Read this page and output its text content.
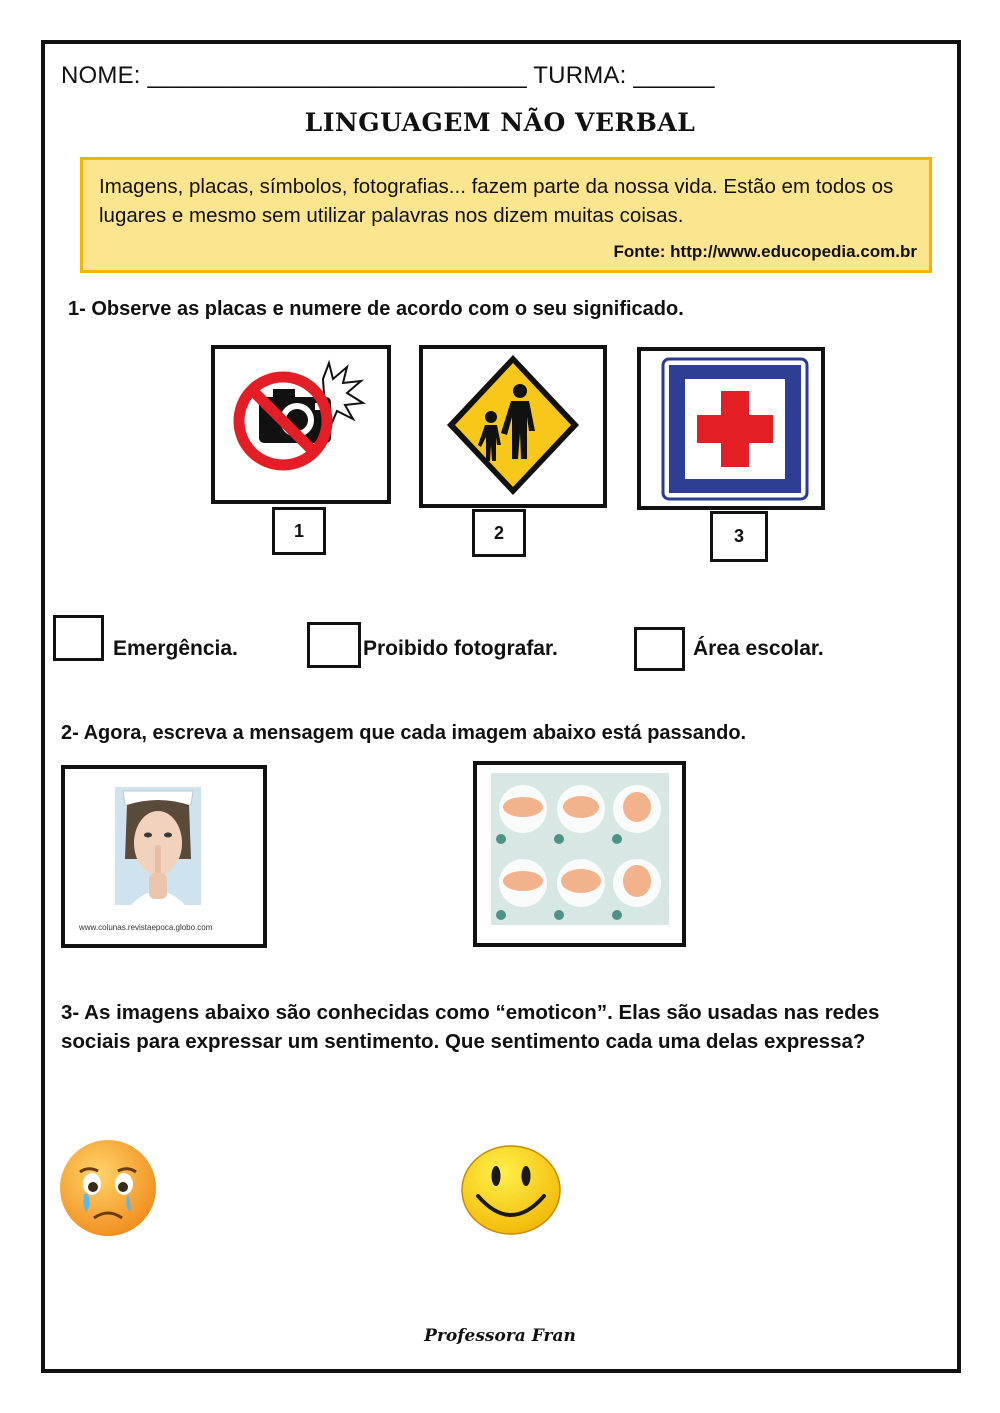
NOME: ____________________________ TURMA: ______
LINGUAGEM NÃO VERBAL
Imagens, placas, símbolos, fotografias... fazem parte da nossa vida. Estão em todos os lugares e mesmo sem utilizar palavras nos dizem muitas coisas.
Fonte: http://www.educopedia.com.br
1- Observe as placas e numere de acordo com o seu significado.
1	2	3
Emergência.	Proibido fotografar.	Área escolar.
2- Agora, escreva a mensagem que cada imagem abaixo está passando.
www.colunas.revistaepoca.globo.com
3- As imagens abaixo são conhecidas como “emoticon”. Elas são usadas nas redes sociais para expressar um sentimento. Que sentimento cada uma delas expressa?
Professora Fran
